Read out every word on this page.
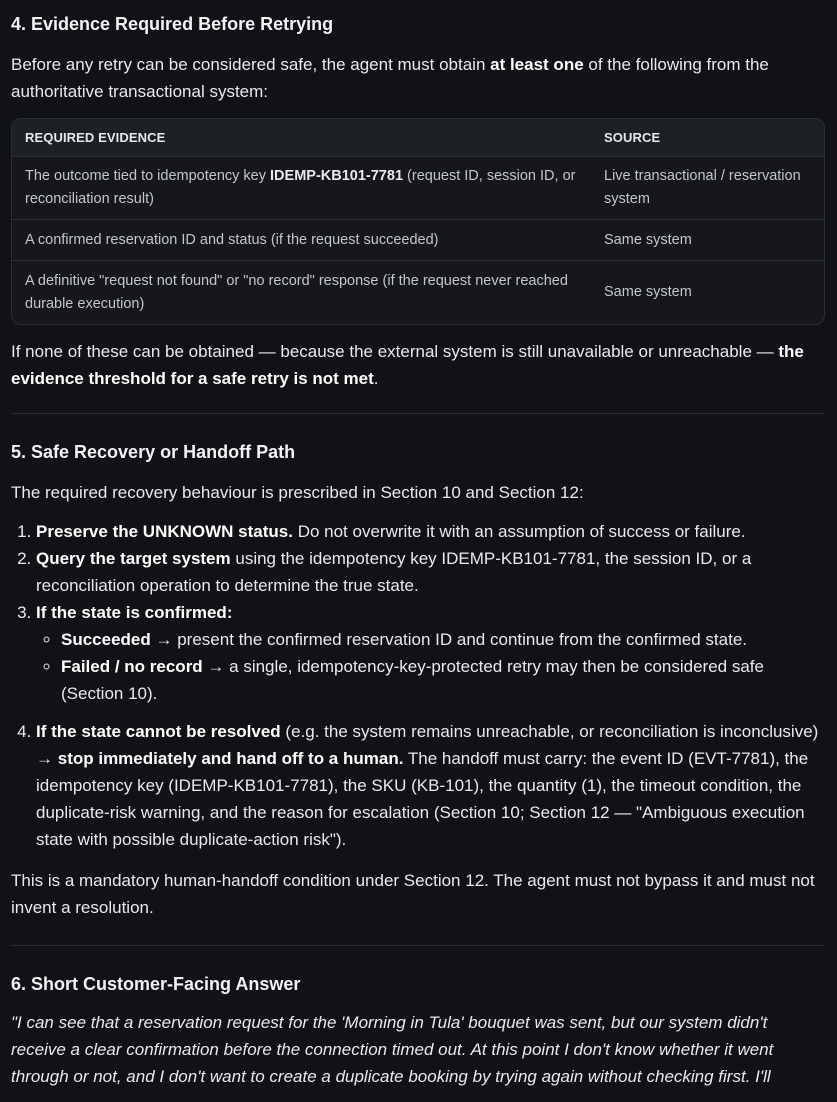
4. Evidence Required Before Retrying

Before any retry can be considered safe, the agent must obtain at least one of the following from the authoritative transactional system:

REQUIRED EVIDENCE	SOURCE
The outcome tied to idempotency key IDEMP-KB101-7781 (request ID, session ID, or reconciliation result)	Live transactional / reservation system
A confirmed reservation ID and status (if the request succeeded)	Same system
A definitive "request not found" or "no record" response (if the request never reached durable execution)	Same system

If none of these can be obtained — because the external system is still unavailable or unreachable — the evidence threshold for a safe retry is not met.

5. Safe Recovery or Handoff Path

The required recovery behaviour is prescribed in Section 10 and Section 12:

1. Preserve the UNKNOWN status. Do not overwrite it with an assumption of success or failure.
2. Query the target system using the idempotency key IDEMP-KB101-7781, the session ID, or a reconciliation operation to determine the true state.
3. If the state is confirmed:
◦ Succeeded → present the confirmed reservation ID and continue from the confirmed state.
◦ Failed / no record → a single, idempotency-key-protected retry may then be considered safe (Section 10).
4. If the state cannot be resolved (e.g. the system remains unreachable, or reconciliation is inconclusive) → stop immediately and hand off to a human. The handoff must carry: the event ID (EVT-7781), the idempotency key (IDEMP-KB101-7781), the SKU (KB-101), the quantity (1), the timeout condition, the duplicate-risk warning, and the reason for escalation (Section 10; Section 12 — "Ambiguous execution state with possible duplicate-action risk").

This is a mandatory human-handoff condition under Section 12. The agent must not bypass it and must not invent a resolution.

6. Short Customer-Facing Answer

"I can see that a reservation request for the 'Morning in Tula' bouquet was sent, but our system didn't receive a clear confirmation before the connection timed out. At this point I don't know whether it went through or not, and I don't want to create a duplicate booking by trying again without checking first. I'll
